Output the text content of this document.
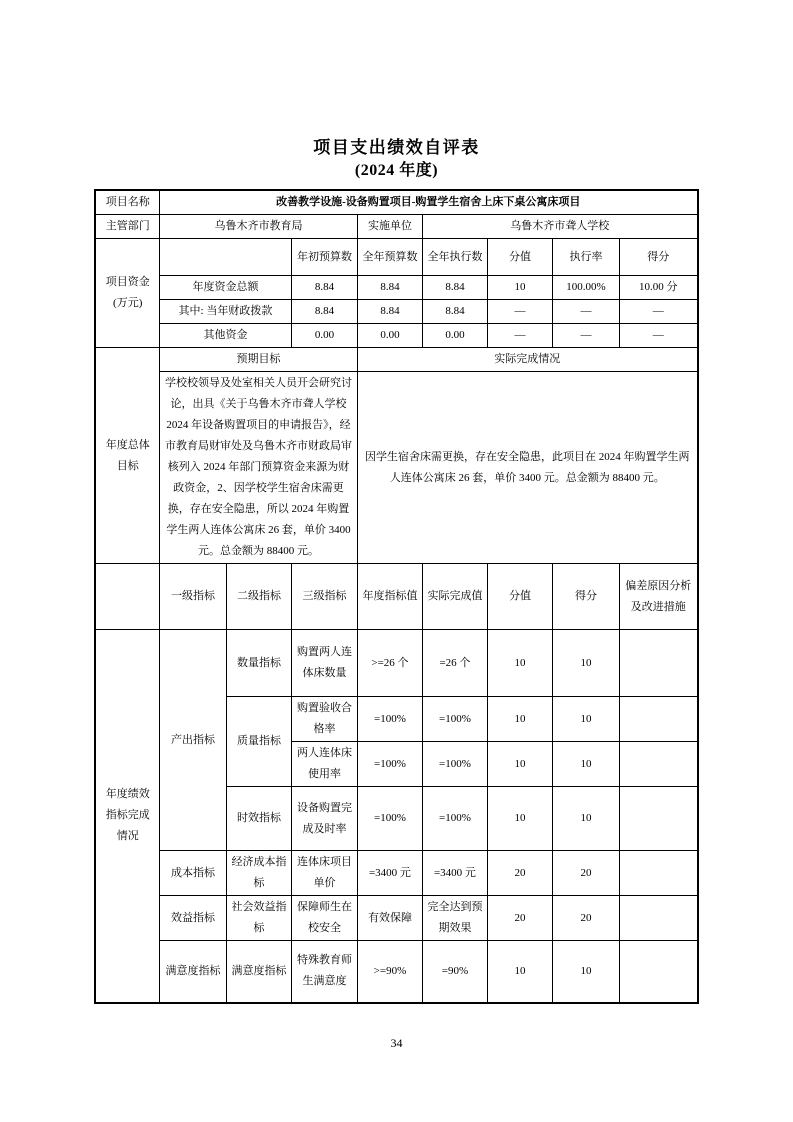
项目支出绩效自评表
(2024 年度)
项目名称	改善教学设施-设备购置项目-购置学生宿舍上床下桌公寓床项目							
主管部门	乌鲁木齐市教育局			实施单位	乌鲁木齐市聋人学校			
项目资金 (万元)			年初预算数	全年预算数	全年执行数	分值	执行率	得分
	年度资金总额		8.84	8.84	8.84	10	100.00%	10.00 分
	其中: 当年财政拨款		8.84	8.84	8.84	—	—	—
	其他资金		0.00	0.00	0.00	—	—	—
年度总体目标	预期目标			实际完成情况				
	学校校领导及处室相关人员开会研究讨论，出具《关于乌鲁木齐市聋人学校2024 年设备购置项目的申请报告》，经市教育局财审处及乌鲁木齐市财政局审核列入 2024 年部门预算资金来源为财政资金，2、因学校学生宿舍床需更换，存在安全隐患，所以 2024 年购置学生两人连体公寓床 26 套，单价 3400 元。总金额为 88400 元。			因学生宿舍床需更换，存在安全隐患，此项目在 2024 年购置学生两人连体公寓床 26 套，单价 3400 元。总金额为 88400 元。				
	一级指标	二级指标	三级指标	年度指标值	实际完成值	分值	得分	偏差原因分析及改进措施
年度绩效指标完成情况	产出指标	数量指标	购置两人连体床数量	>=26 个	=26 个	10	10	
		质量指标	购置验收合格率	=100%	=100%	10	10	
			两人连体床使用率	=100%	=100%	10	10	
		时效指标	设备购置完成及时率	=100%	=100%	10	10	
	成本指标	经济成本指标	连体床项目单价	=3400 元	=3400 元	20	20	
	效益指标	社会效益指标	保障师生在校安全	有效保障	完全达到预期效果	20	20	
	满意度指标	满意度指标	特殊教育师生满意度	>=90%	=90%	10	10	
34
